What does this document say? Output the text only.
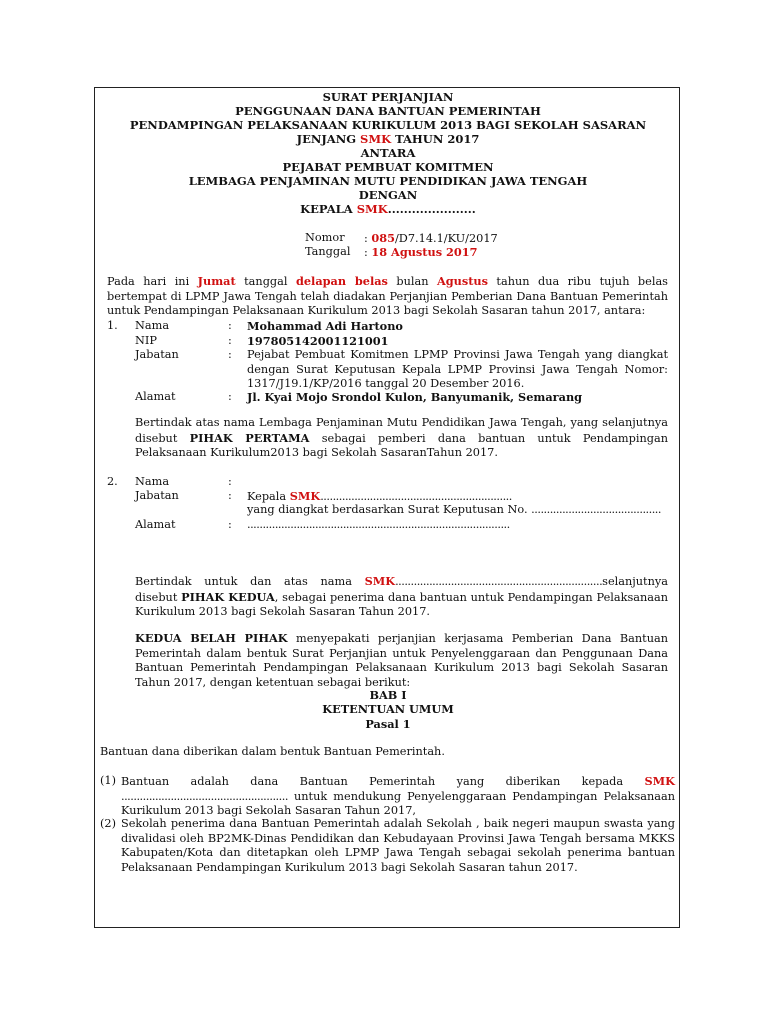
SURAT PERJANJIAN
PENGGUNAAN DANA BANTUAN PEMERINTAH
PENDAMPINGAN PELAKSANAAN KURIKULUM 2013 BAGI SEKOLAH SASARAN
JENJANG SMK TAHUN 2017
ANTARA
PEJABAT PEMBUAT KOMITMEN
LEMBAGA PENJAMINAN MUTU PENDIDIKAN JAWA TENGAH
DENGAN
KEPALA SMK......................
Nomor : 085/D7.14.1/KU/2017
Tanggal : 18 Agustus 2017
Pada hari ini Jumat tanggal delapan belas bulan Agustus tahun dua ribu tujuh belas bertempat di LPMP Jawa Tengah telah diadakan Perjanjian Pemberian Dana Bantuan Pemerintah untuk Pendampingan Pelaksanaan Kurikulum 2013 bagi Sekolah Sasaran tahun 2017, antara:
1. Nama	: Mohammad Adi Hartono
NIP	: 197805142001121001
Jabatan	: Pejabat Pembuat Komitmen LPMP Provinsi Jawa Tengah yang diangkat dengan Surat Keputusan Kepala LPMP Provinsi Jawa Tengah Nomor: 1317/J19.1/KP/2016 tanggal 20 Desember 2016.
Alamat	: Jl. Kyai Mojo Srondol Kulon, Banyumanik, Semarang
Bertindak atas nama Lembaga Penjaminan Mutu Pendidikan Jawa Tengah, yang selanjutnya disebut PIHAK PERTAMA sebagai pemberi dana bantuan untuk Pendampingan Pelaksanaan Kurikulum2013 bagi Sekolah SasaranTahun 2017.
2. Nama	:
Jabatan	: Kepala SMK..............................................................
yang diangkat berdasarkan Surat Keputusan No. ..........................................
Alamat	: .....................................................................................
Bertindak untuk dan atas nama SMK...................................................................selanjutnya disebut PIHAK KEDUA, sebagai penerima dana bantuan untuk Pendampingan Pelaksanaan Kurikulum 2013 bagi Sekolah Sasaran Tahun 2017.
KEDUA BELAH PIHAK menyepakati perjanjian kerjasama Pemberian Dana Bantuan Pemerintah dalam bentuk Surat Perjanjian untuk Penyelenggaraan dan Penggunaan Dana Bantuan Pemerintah Pendampingan Pelaksanaan Kurikulum 2013 bagi Sekolah Sasaran Tahun 2017, dengan ketentuan sebagai berikut:
BAB I
KETENTUAN UMUM
Pasal 1
Bantuan dana diberikan dalam bentuk Bantuan Pemerintah.
(1) Bantuan adalah dana Bantuan Pemerintah yang diberikan kepada SMK ...................................................... untuk mendukung Penyelenggaraan Pendampingan Pelaksanaan Kurikulum 2013 bagi Sekolah Sasaran Tahun 2017,
(2) Sekolah penerima dana Bantuan Pemerintah adalah Sekolah , baik negeri maupun swasta yang divalidasi oleh BP2MK-Dinas Pendidikan dan Kebudayaan Provinsi Jawa Tengah bersama MKKS Kabupaten/Kota dan ditetapkan oleh LPMP Jawa Tengah sebagai sekolah penerima bantuan Pelaksanaan Pendampingan Kurikulum 2013 bagi Sekolah Sasaran tahun 2017.
